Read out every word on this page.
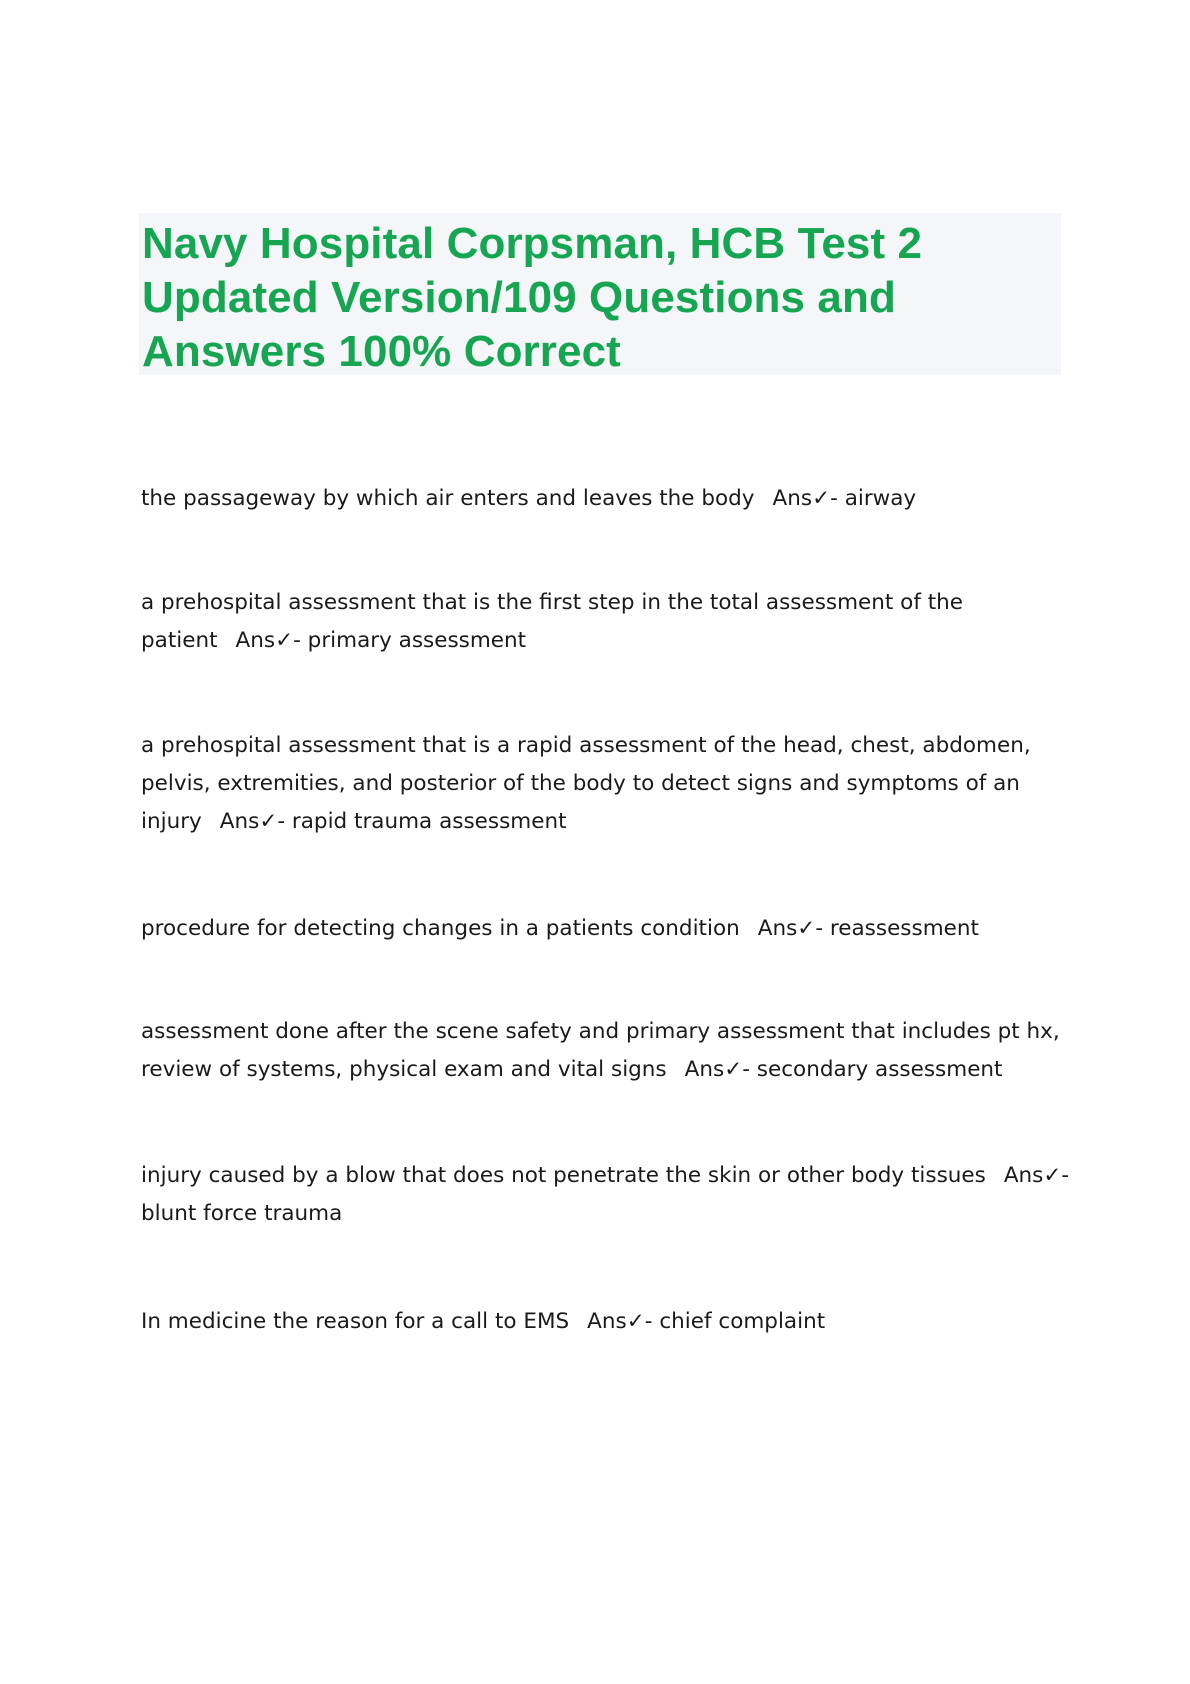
Navy Hospital Corpsman, HCB Test 2 Updated Version/109 Questions and Answers 100% Correct

the passageway by which air enters and leaves the body Ans✓- airway

a prehospital assessment that is the first step in the total assessment of the patient Ans✓- primary assessment

a prehospital assessment that is a rapid assessment of the head, chest, abdomen, pelvis, extremities, and posterior of the body to detect signs and symptoms of an injury Ans✓- rapid trauma assessment

procedure for detecting changes in a patients condition Ans✓- reassessment

assessment done after the scene safety and primary assessment that includes pt hx, review of systems, physical exam and vital signs Ans✓- secondary assessment

injury caused by a blow that does not penetrate the skin or other body tissues Ans✓- blunt force trauma

In medicine the reason for a call to EMS Ans✓- chief complaint
